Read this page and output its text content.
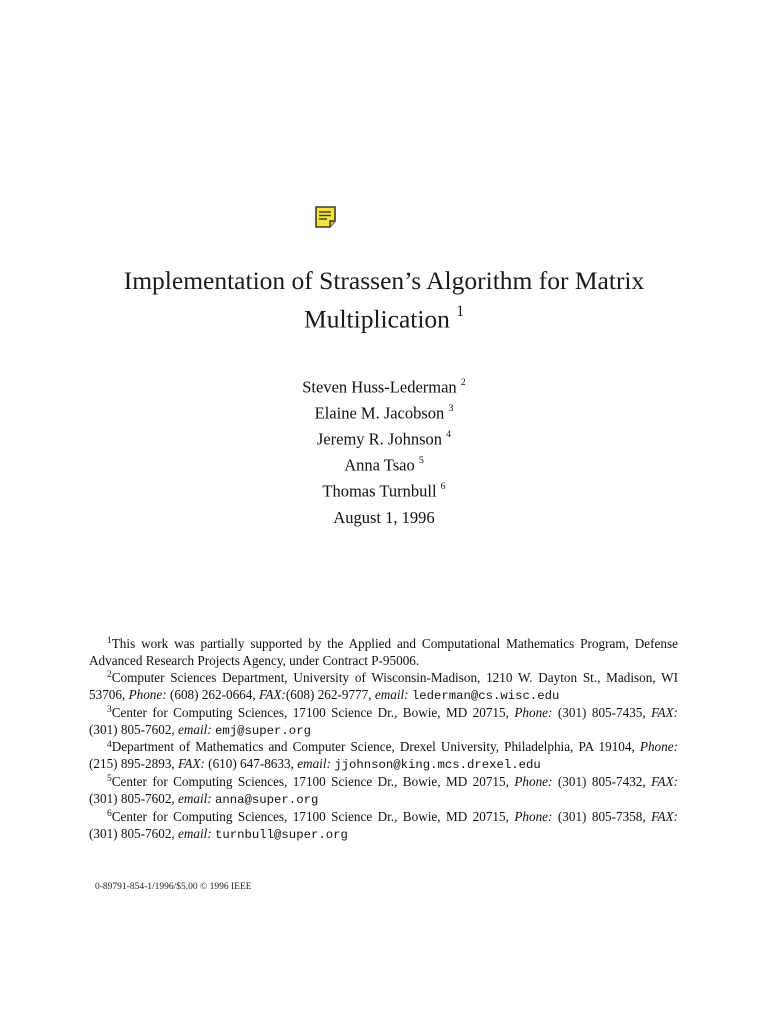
Implementation of Strassen’s Algorithm for Matrix
Multiplication $^1$
Steven Huss-Lederman $^2$
Elaine M. Jacobson $^3$
Jeremy R. Johnson $^4$
Anna Tsao $^5$
Thomas Turnbull $^6$
August 1, 1996

$^1$This work was partially supported by the Applied and Computational Mathematics Program, Defense Advanced Research Projects Agency, under Contract P-95006.

$^2$Computer Sciences Department, University of Wisconsin-Madison, 1210 W. Dayton St., Madison, WI 53706, Phone: (608) 262-0664, FAX:(608) 262-9777, email: lederman@cs.wisc.edu

$^3$Center for Computing Sciences, 17100 Science Dr., Bowie, MD 20715, Phone: (301) 805-7435, FAX: (301) 805-7602, email: emj@super.org

$^4$Department of Mathematics and Computer Science, Drexel University, Philadelphia, PA 19104, Phone: (215) 895-2893, FAX: (610) 647-8633, email: jjohnson@king.mcs.drexel.edu

$^5$Center for Computing Sciences, 17100 Science Dr., Bowie, MD 20715, Phone: (301) 805-7432, FAX: (301) 805-7602, email: anna@super.org

$^6$Center for Computing Sciences, 17100 Science Dr., Bowie, MD 20715, Phone: (301) 805-7358, FAX: (301) 805-7602, email: turnbull@super.org

0-89791-854-1/1996/$5.00 © 1996 IEEE
